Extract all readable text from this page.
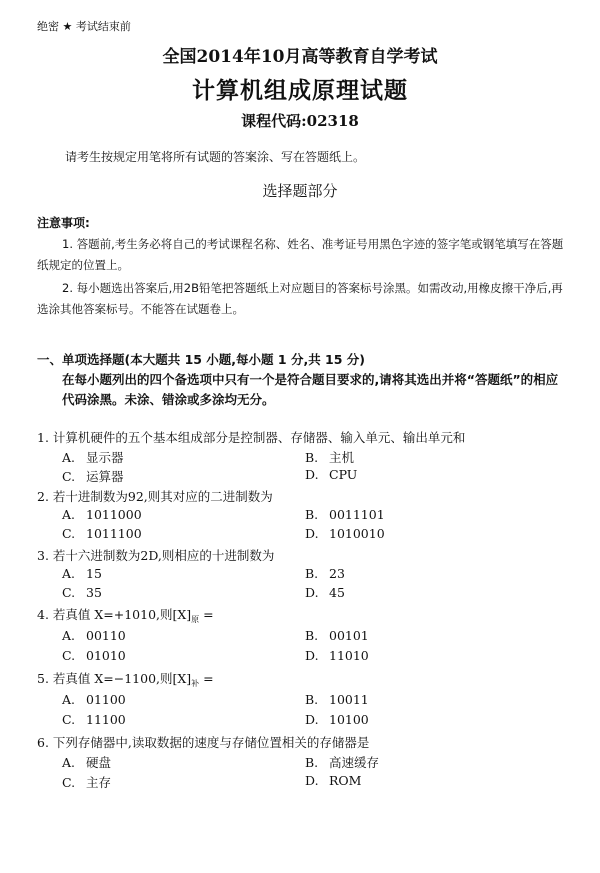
绝密 ★ 考试结束前
全国2014年10月高等教育自学考试
计算机组成原理试题
课程代码:02318
请考生按规定用笔将所有试题的答案涂、写在答题纸上。
选择题部分
注意事项:
1. 答题前,考生务必将自己的考试课程名称、姓名、准考证号用黑色字迹的签字笔或钢笔填写在答题纸规定的位置上。
2. 每小题选出答案后,用2B铅笔把答题纸上对应题目的答案标号涂黑。如需改动,用橡皮擦干净后,再选涂其他答案标号。不能答在试题卷上。
一、单项选择题(本大题共 15 小题,每小题 1 分,共 15 分)
在每小题列出的四个备选项中只有一个是符合题目要求的,请将其选出并将“答题纸”的相应代码涂黑。未涂、错涂或多涂均无分。
1. 计算机硬件的五个基本组成部分是控制器、存储器、输入单元、输出单元和
A. 显示器	B. 主机
C. 运算器	D. CPU
2. 若十进制数为92,则其对应的二进制数为
A. 1011000	B. 0011101
C. 1011100	D. 1010010
3. 若十六进制数为2D,则相应的十进制数为
A. 15	B. 23
C. 35	D. 45
4. 若真值 X=+1010,则$[X]_原$ =
A. 00110	B. 00101
C. 01010	D. 11010
5. 若真值 X=−1100,则$[X]_补$ =
A. 01100	B. 10011
C. 11100	D. 10100
6. 下列存储器中,读取数据的速度与存储位置相关的存储器是
A. 硬盘	B. 高速缓存
C. 主存	D. ROM
